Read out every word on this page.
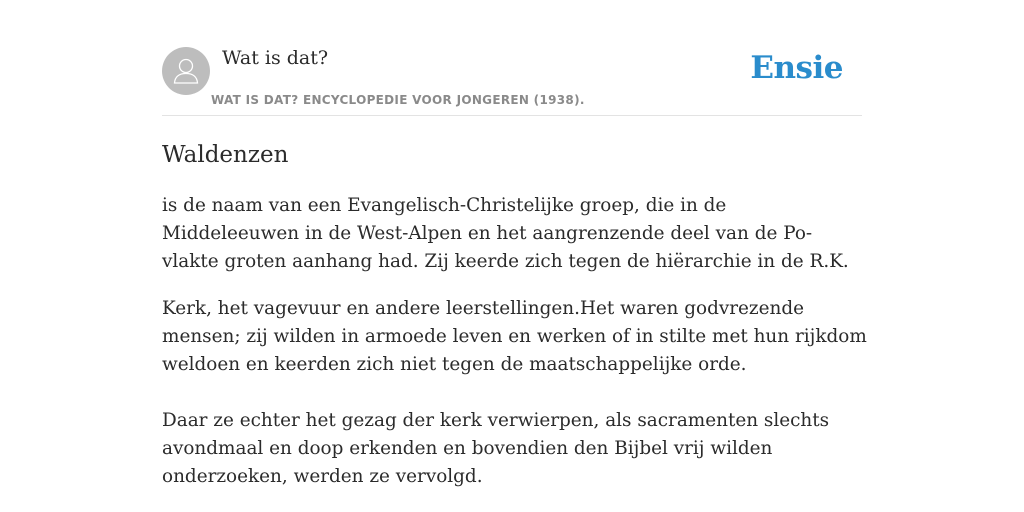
Wat is dat?
WAT IS DAT? ENCYCLOPEDIE VOOR JONGEREN (1938).
Ensie
Waldenzen

is de naam van een Evangelisch-Christelijke groep, die in de Middeleeuwen in de West-Alpen en het aangrenzende deel van de Po-vlakte groten aanhang had. Zij keerde zich tegen de hiërarchie in de R.K.

Kerk, het vagevuur en andere leerstellingen.Het waren godvrezende mensen; zij wilden in armoede leven en werken of in stilte met hun rijkdom weldoen en keerden zich niet tegen de maatschappelijke orde.

Daar ze echter het gezag der kerk verwierpen, als sacramenten slechts avondmaal en doop erkenden en bovendien den Bijbel vrij wilden onderzoeken, werden ze vervolgd.
